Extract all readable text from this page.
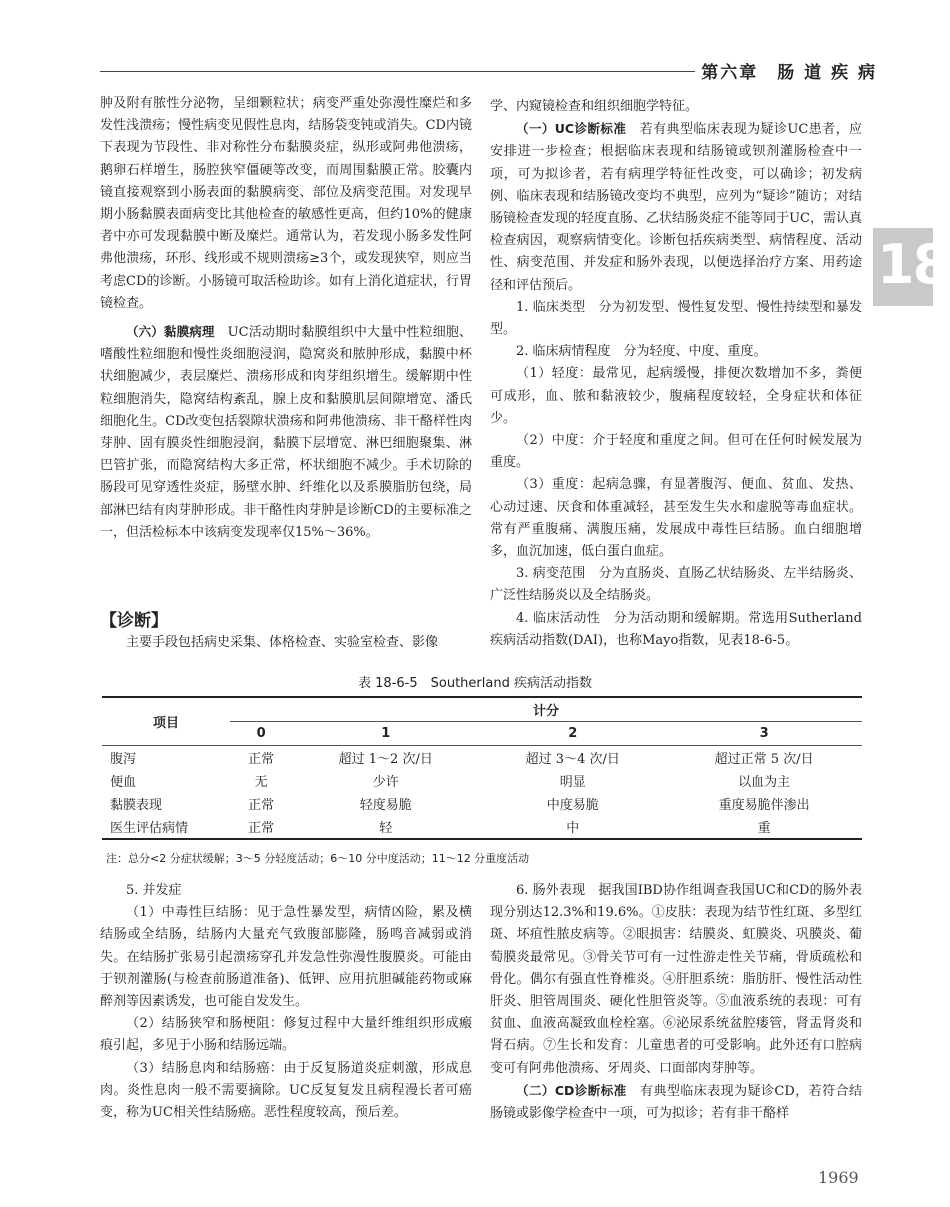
第六章　肠 道 疾 病
18

肿及附有脓性分泌物，呈细颗粒状；病变严重处弥漫性糜烂和多发性浅溃疡；慢性病变见假性息肉，结肠袋变钝或消失。CD内镜下表现为节段性、非对称性分布黏膜炎症，纵形或阿弗他溃疡，鹅卵石样增生，肠腔狭窄僵硬等改变，而周围黏膜正常。胶囊内镜直接观察到小肠表面的黏膜病变、部位及病变范围。对发现早期小肠黏膜表面病变比其他检查的敏感性更高，但约10%的健康者中亦可发现黏膜中断及糜烂。通常认为，若发现小肠多发性阿弗他溃疡，环形、线形或不规则溃疡≥3个，或发现狭窄，则应当考虑CD的诊断。小肠镜可取活检助诊。如有上消化道症状，行胃镜检查。

（六）黏膜病理　UC活动期时黏膜组织中大量中性粒细胞、嗜酸性粒细胞和慢性炎细胞浸润，隐窝炎和脓肿形成，黏膜中杯状细胞减少，表层糜烂、溃疡形成和肉芽组织增生。缓解期中性粒细胞消失，隐窝结构紊乱，腺上皮和黏膜肌层间隙增宽、潘氏细胞化生。CD改变包括裂隙状溃疡和阿弗他溃疡、非干酪样性肉芽肿、固有膜炎性细胞浸润，黏膜下层增宽、淋巴细胞聚集、淋巴管扩张，而隐窝结构大多正常，杯状细胞不减少。手术切除的肠段可见穿透性炎症，肠壁水肿、纤维化以及系膜脂肪包绕，局部淋巴结有肉芽肿形成。非干酪性肉芽肿是诊断CD的主要标准之一，但活检标本中该病变发现率仅15%～36%。

【诊断】

主要手段包括病史采集、体格检查、实验室检查、影像

学、内窥镜检查和组织细胞学特征。

（一）UC诊断标准　若有典型临床表现为疑诊UC患者，应安排进一步检查；根据临床表现和结肠镜或钡剂灌肠检查中一项，可为拟诊者，若有病理学特征性改变，可以确诊；初发病例、临床表现和结肠镜改变均不典型，应列为“疑诊”随访；对结肠镜检查发现的轻度直肠、乙状结肠炎症不能等同于UC，需认真检查病因，观察病情变化。诊断包括疾病类型、病情程度、活动性、病变范围、并发症和肠外表现，以便选择治疗方案、用药途径和评估预后。

1. 临床类型　分为初发型、慢性复发型、慢性持续型和暴发型。

2. 临床病情程度　分为轻度、中度、重度。

（1）轻度：最常见，起病缓慢，排便次数增加不多，粪便可成形，血、脓和黏液较少，腹痛程度较轻，全身症状和体征少。

（2）中度：介于轻度和重度之间。但可在任何时候发展为重度。

（3）重度：起病急骤，有显著腹泻、便血、贫血、发热、心动过速、厌食和体重减轻，甚至发生失水和虚脱等毒血症状。常有严重腹痛、满腹压痛，发展成中毒性巨结肠。血白细胞增多，血沉加速，低白蛋白血症。

3. 病变范围　分为直肠炎、直肠乙状结肠炎、左半结肠炎、广泛性结肠炎以及全结肠炎。

4. 临床活动性　分为活动期和缓解期。常选用Sutherland疾病活动指数(DAI)，也称Mayo指数，见表18-6-5。

表 18-6-5　Southerland 疾病活动指数
项目	计分			
	0	1	2	3
腹泻	正常	超过 1～2 次/日	超过 3～4 次/日	超过正常 5 次/日
便血	无	少许	明显	以血为主
黏膜表现	正常	轻度易脆	中度易脆	重度易脆伴渗出
医生评估病情	正常	轻	中	重
注：总分<2 分症状缓解；3～5 分轻度活动；6～10 分中度活动；11～12 分重度活动

5. 并发症

（1）中毒性巨结肠：见于急性暴发型，病情凶险，累及横结肠或全结肠，结肠内大量充气致腹部膨隆，肠鸣音减弱或消失。在结肠扩张易引起溃疡穿孔并发急性弥漫性腹膜炎。可能由于钡剂灌肠(与检查前肠道准备)、低钾、应用抗胆碱能药物或麻醉剂等因素诱发，也可能自发发生。

（2）结肠狭窄和肠梗阻：修复过程中大量纤维组织形成瘢痕引起，多见于小肠和结肠远端。

（3）结肠息肉和结肠癌：由于反复肠道炎症刺激，形成息肉。炎性息肉一般不需要摘除。UC反复复发且病程漫长者可癌变，称为UC相关性结肠癌。恶性程度较高，预后差。

6. 肠外表现　据我国IBD协作组调查我国UC和CD的肠外表现分别达12.3%和19.6%。①皮肤：表现为结节性红斑、多型红斑、坏疽性脓皮病等。②眼损害：结膜炎、虹膜炎、巩膜炎、葡萄膜炎最常见。③骨关节可有一过性游走性关节痛，骨质疏松和骨化。偶尔有强直性脊椎炎。④肝胆系统：脂肪肝、慢性活动性肝炎、胆管周围炎、硬化性胆管炎等。⑤血液系统的表现：可有贫血、血液高凝致血栓栓塞。⑥泌尿系统盆腔瘘管，肾盂肾炎和肾石病。⑦生长和发育：儿童患者的可受影响。此外还有口腔病变可有阿弗他溃疡、牙周炎、口面部肉芽肿等。

（二）CD诊断标准　有典型临床表现为疑诊CD，若符合结肠镜或影像学检查中一项，可为拟诊；若有非干酪样

1969
